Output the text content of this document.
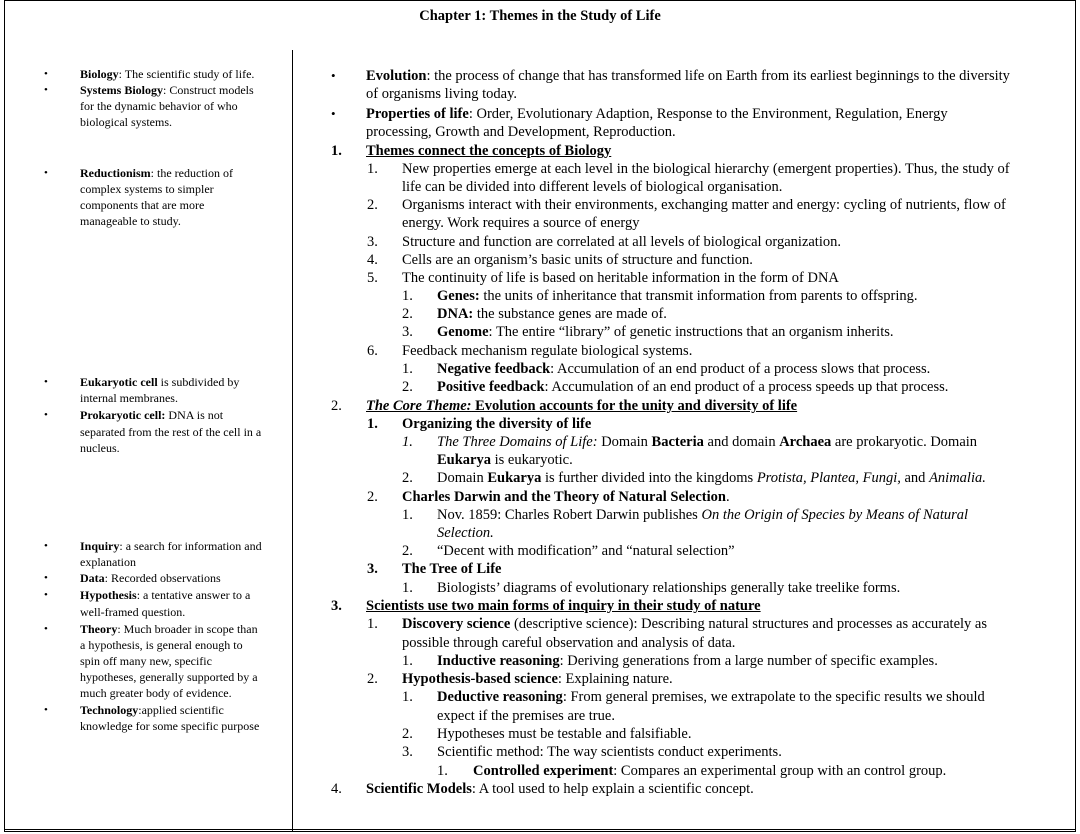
Chapter 1: Themes in the Study of Life
•	Biology: The scientific study of life.
•	Systems Biology: Construct models
for the dynamic behavior of who
biological systems.
•	Reductionism: the reduction of
complex systems to simpler
components that are more
manageable to study.
•	Eukaryotic cell is subdivided by
internal membranes.
•	Prokaryotic cell: DNA is not
separated from the rest of the cell in a
nucleus.
•	Inquiry: a search for information and
explanation
•	Data: Recorded observations
•	Hypothesis: a tentative answer to a
well-framed question.
•	Theory: Much broader in scope than
a hypothesis, is general enough to
spin off many new, specific
hypotheses, generally supported by a
much greater body of evidence.
•	Technology:applied scientific
knowledge for some specific purpose
• Evolution: the process of change that has transformed life on Earth from its earliest beginnings to the diversity
of organisms living today.
• Properties of life: Order, Evolutionary Adaption, Response to the Environment, Regulation, Energy
processing, Growth and Development, Reproduction.
1. Themes connect the concepts of Biology
1. New properties emerge at each level in the biological hierarchy (emergent properties). Thus, the study of
life can be divided into different levels of biological organisation.
2. Organisms interact with their environments, exchanging matter and energy: cycling of nutrients, flow of
energy. Work requires a source of energy
3. Structure and function are correlated at all levels of biological organization.
4. Cells are an organism’s basic units of structure and function.
5. The continuity of life is based on heritable information in the form of DNA
1. Genes: the units of inheritance that transmit information from parents to offspring.
2. DNA: the substance genes are made of.
3. Genome: The entire “library” of genetic instructions that an organism inherits.
6. Feedback mechanism regulate biological systems.
1. Negative feedback: Accumulation of an end product of a process slows that process.
2. Positive feedback: Accumulation of an end product of a process speeds up that process.
2. The Core Theme: Evolution accounts for the unity and diversity of life
1. Organizing the diversity of life
1. The Three Domains of Life: Domain Bacteria and domain Archaea are prokaryotic. Domain
Eukarya is eukaryotic.
2. Domain Eukarya is further divided into the kingdoms Protista, Plantea, Fungi, and Animalia.
2. Charles Darwin and the Theory of Natural Selection.
1. Nov. 1859: Charles Robert Darwin publishes On the Origin of Species by Means of Natural
Selection.
2. “Decent with modification” and “natural selection”
3. The Tree of Life
1. Biologists’ diagrams of evolutionary relationships generally take treelike forms.
3. Scientists use two main forms of inquiry in their study of nature
1. Discovery science (descriptive science): Describing natural structures and processes as accurately as
possible through careful observation and analysis of data.
1. Inductive reasoning: Deriving generations from a large number of specific examples.
2. Hypothesis-based science: Explaining nature.
1. Deductive reasoning: From general premises, we extrapolate to the specific results we should
expect if the premises are true.
2. Hypotheses must be testable and falsifiable.
3. Scientific method: The way scientists conduct experiments.
1. Controlled experiment: Compares an experimental group with an control group.
4. Scientific Models: A tool used to help explain a scientific concept.
